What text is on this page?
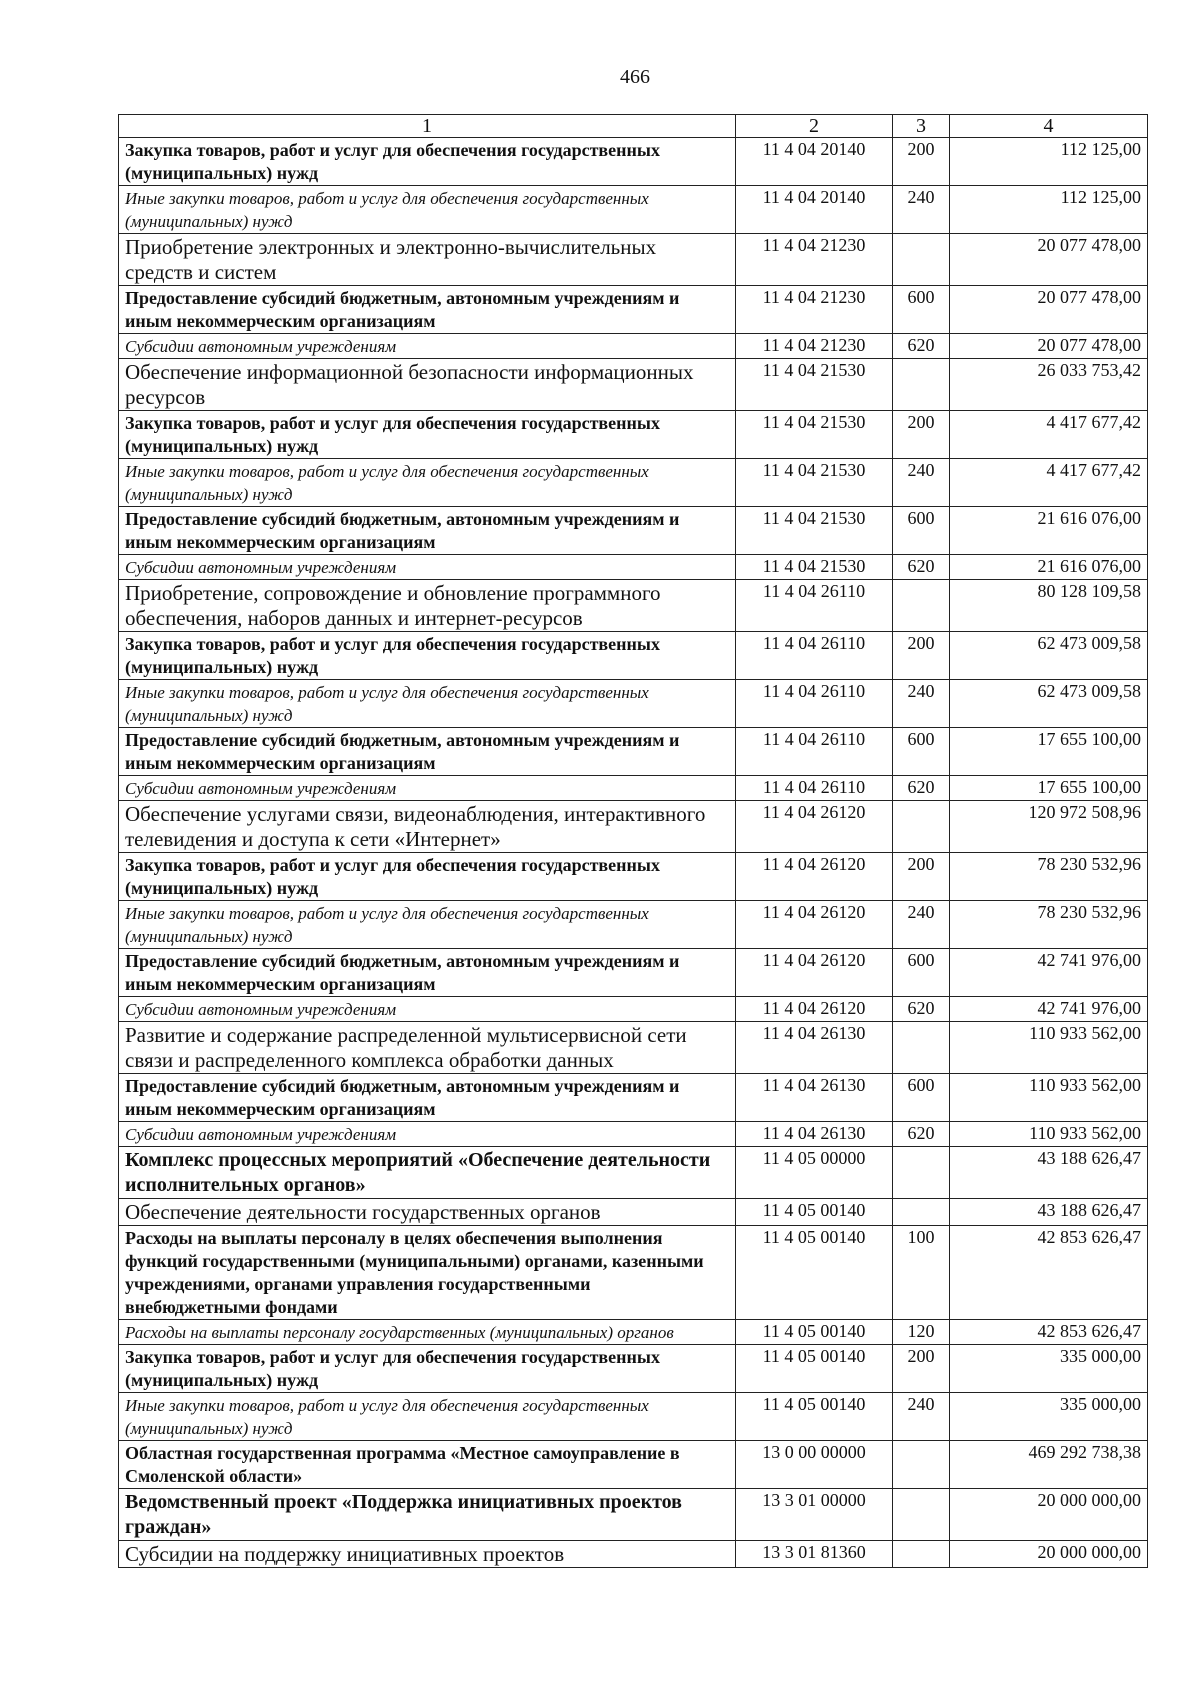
466
1	2	3	4
Закупка товаров, работ и услуг для обеспечения государственных (муниципальных) нужд	11 4 04 20140	200	112 125,00
Иные закупки товаров, работ и услуг для обеспечения государственных (муниципальных) нужд	11 4 04 20140	240	112 125,00
Приобретение электронных и электронно-вычислительных средств и систем	11 4 04 21230		20 077 478,00
Предоставление субсидий бюджетным, автономным учреждениям и иным некоммерческим организациям	11 4 04 21230	600	20 077 478,00
Субсидии автономным учреждениям	11 4 04 21230	620	20 077 478,00
Обеспечение информационной безопасности информационных ресурсов	11 4 04 21530		26 033 753,42
Закупка товаров, работ и услуг для обеспечения государственных (муниципальных) нужд	11 4 04 21530	200	4 417 677,42
Иные закупки товаров, работ и услуг для обеспечения государственных (муниципальных) нужд	11 4 04 21530	240	4 417 677,42
Предоставление субсидий бюджетным, автономным учреждениям и иным некоммерческим организациям	11 4 04 21530	600	21 616 076,00
Субсидии автономным учреждениям	11 4 04 21530	620	21 616 076,00
Приобретение, сопровождение и обновление программного обеспечения, наборов данных и интернет-ресурсов	11 4 04 26110		80 128 109,58
Закупка товаров, работ и услуг для обеспечения государственных (муниципальных) нужд	11 4 04 26110	200	62 473 009,58
Иные закупки товаров, работ и услуг для обеспечения государственных (муниципальных) нужд	11 4 04 26110	240	62 473 009,58
Предоставление субсидий бюджетным, автономным учреждениям и иным некоммерческим организациям	11 4 04 26110	600	17 655 100,00
Субсидии автономным учреждениям	11 4 04 26110	620	17 655 100,00
Обеспечение услугами связи, видеонаблюдения, интерактивного телевидения и доступа к сети «Интернет»	11 4 04 26120		120 972 508,96
Закупка товаров, работ и услуг для обеспечения государственных (муниципальных) нужд	11 4 04 26120	200	78 230 532,96
Иные закупки товаров, работ и услуг для обеспечения государственных (муниципальных) нужд	11 4 04 26120	240	78 230 532,96
Предоставление субсидий бюджетным, автономным учреждениям и иным некоммерческим организациям	11 4 04 26120	600	42 741 976,00
Субсидии автономным учреждениям	11 4 04 26120	620	42 741 976,00
Развитие и содержание распределенной мультисервисной сети связи и распределенного комплекса обработки данных	11 4 04 26130		110 933 562,00
Предоставление субсидий бюджетным, автономным учреждениям и иным некоммерческим организациям	11 4 04 26130	600	110 933 562,00
Субсидии автономным учреждениям	11 4 04 26130	620	110 933 562,00
Комплекс процессных мероприятий «Обеспечение деятельности исполнительных органов»	11 4 05 00000		43 188 626,47
Обеспечение деятельности государственных органов	11 4 05 00140		43 188 626,47
Расходы на выплаты персоналу в целях обеспечения выполнения функций государственными (муниципальными) органами, казенными учреждениями, органами управления государственными внебюджетными фондами	11 4 05 00140	100	42 853 626,47
Расходы на выплаты персоналу государственных (муниципальных) органов	11 4 05 00140	120	42 853 626,47
Закупка товаров, работ и услуг для обеспечения государственных (муниципальных) нужд	11 4 05 00140	200	335 000,00
Иные закупки товаров, работ и услуг для обеспечения государственных (муниципальных) нужд	11 4 05 00140	240	335 000,00
Областная государственная программа «Местное самоуправление в Смоленской области»	13 0 00 00000		469 292 738,38
Ведомственный проект «Поддержка инициативных проектов граждан»	13 3 01 00000		20 000 000,00
Субсидии на поддержку инициативных проектов	13 3 01 81360		20 000 000,00
